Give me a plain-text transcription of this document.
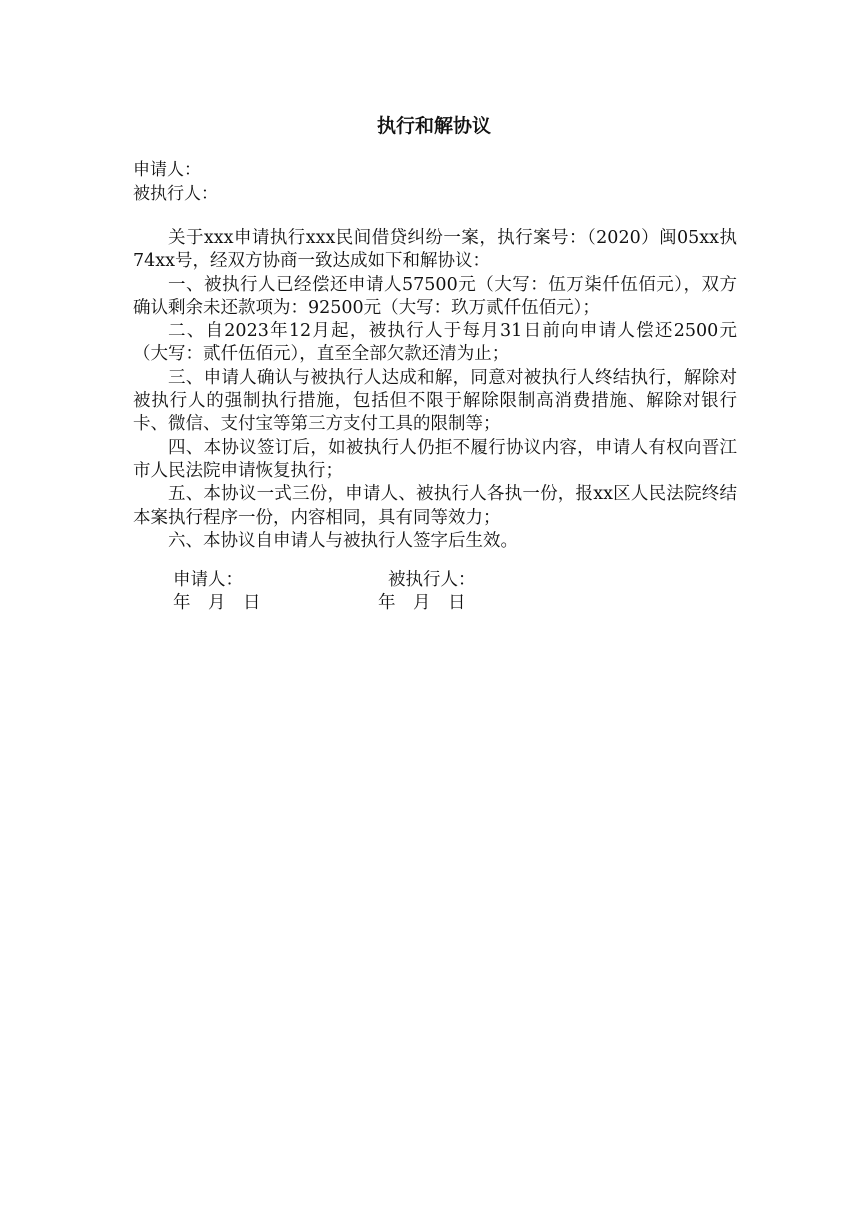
执行和解协议
申请人：
被执行人：

关于xxx申请执行xxx民间借贷纠纷一案，执行案号：（2020）闽05xx执74xx号，经双方协商一致达成如下和解协议：

一、被执行人已经偿还申请人57500元（大写：伍万柒仟伍佰元），双方确认剩余未还款项为：92500元（大写：玖万贰仟伍佰元）；

二、自2023年12月起，被执行人于每月31日前向申请人偿还2500元（大写：贰仟伍佰元），直至全部欠款还清为止；

三、申请人确认与被执行人达成和解，同意对被执行人终结执行，解除对被执行人的强制执行措施，包括但不限于解除限制高消费措施、解除对银行卡、微信、支付宝等第三方支付工具的限制等；

四、本协议签订后，如被执行人仍拒不履行协议内容，申请人有权向晋江市人民法院申请恢复执行；

五、本协议一式三份，申请人、被执行人各执一份，报xx区人民法院终结本案执行程序一份，内容相同，具有同等效力；

六、本协议自申请人与被执行人签字后生效。

申请人：	被执行人：
年　月　日	年　月　日
